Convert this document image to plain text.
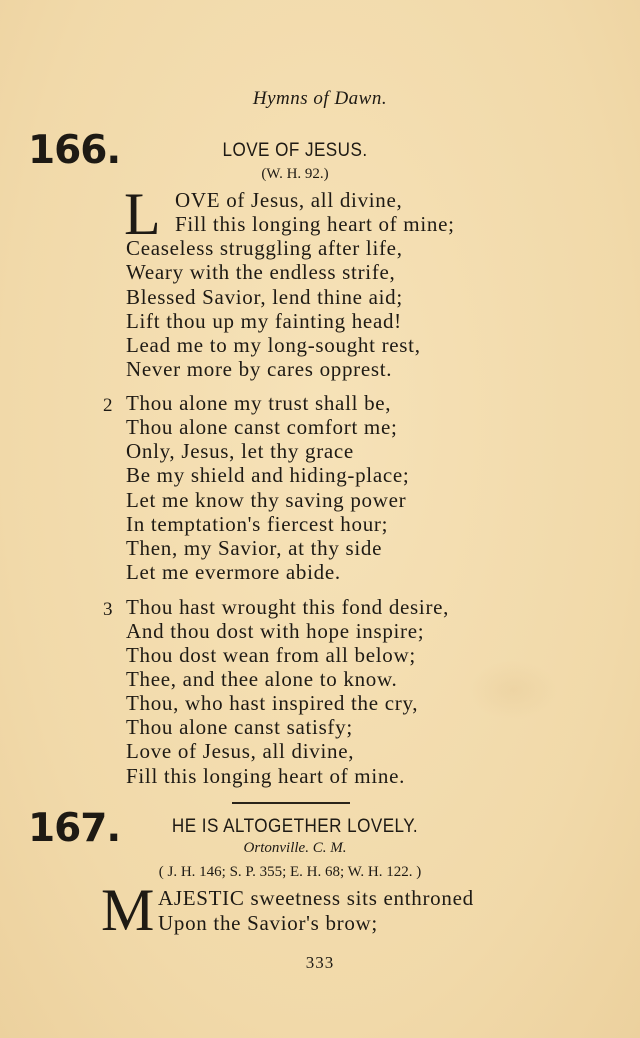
Hymns of Dawn.
166.	LOVE OF JESUS.
(W. H. 92.)
L OVE of Jesus, all divine,
Fill this longing heart of mine;
Ceaseless struggling after life,
Weary with the endless strife,
Blessed Savior, lend thine aid;
Lift thou up my fainting head!
Lead me to my long-sought rest,
Never more by cares opprest.
2 Thou alone my trust shall be,
Thou alone canst comfort me;
Only, Jesus, let thy grace
Be my shield and hiding-place;
Let me know thy saving power
In temptation's fiercest hour;
Then, my Savior, at thy side
Let me evermore abide.
3 Thou hast wrought this fond desire,
And thou dost with hope inspire;
Thou dost wean from all below;
Thee, and thee alone to know.
Thou, who hast inspired the cry,
Thou alone canst satisfy;
Love of Jesus, all divine,
Fill this longing heart of mine.
167.	HE IS ALTOGETHER LOVELY.
Ortonville. C. M.
( J. H. 146; S. P. 355; E. H. 68; W. H. 122. )
M AJESTIC sweetness sits enthroned
Upon the Savior's brow;
333
